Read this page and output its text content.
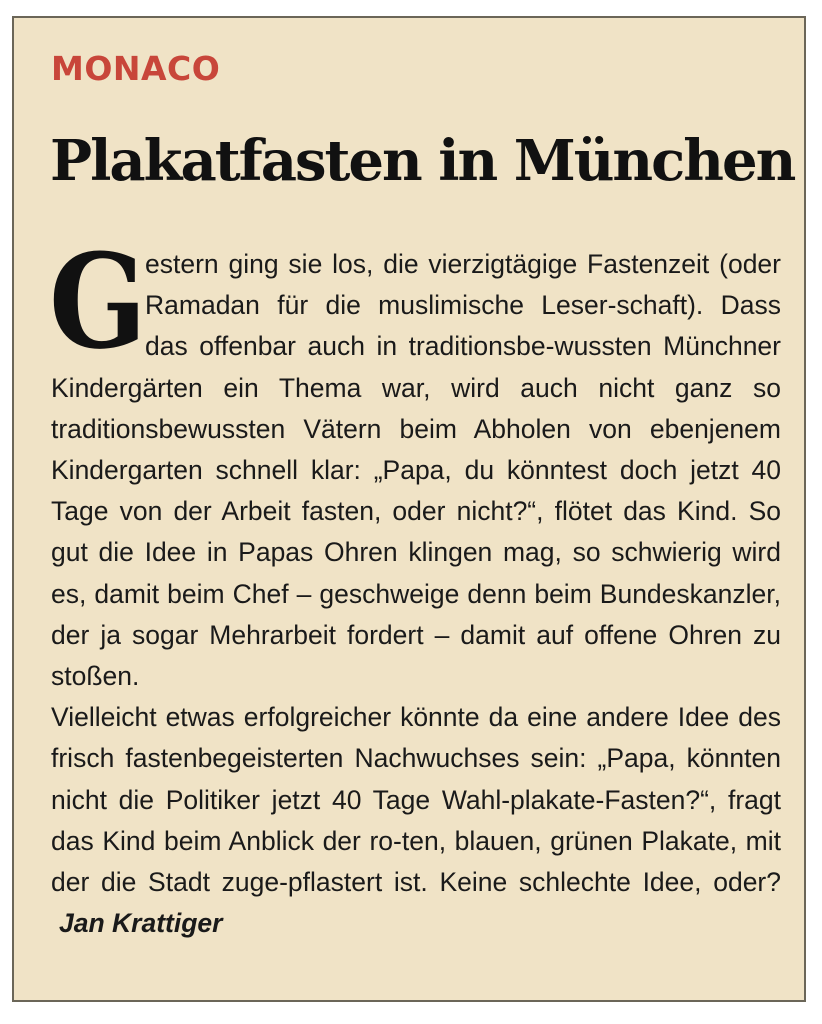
MONACO
Plakatfasten in München

G
estern ging sie los, die vierzigtägige Fastenzeit (oder Ramadan für die muslimische Leser-schaft). Dass das offenbar auch in traditionsbe-wussten Münchner Kindergärten ein Thema war, wird auch nicht ganz so traditionsbewussten Vätern beim Abholen von ebenjenem Kindergarten schnell klar: „Papa, du könntest doch jetzt 40 Tage von der Arbeit fasten, oder nicht?“, flötet das Kind. So gut die Idee in Papas Ohren klingen mag, so schwierig wird es, damit beim Chef – geschweige denn beim Bundeskanzler, der ja sogar Mehrarbeit fordert – damit auf offene Ohren zu stoßen.

Vielleicht etwas erfolgreicher könnte da eine andere Idee des frisch fastenbegeisterten Nachwuchses sein: „Papa, könnten nicht die Politiker jetzt 40 Tage Wahl-plakate-Fasten?“, fragt das Kind beim Anblick der ro-ten, blauen, grünen Plakate, mit der die Stadt zuge-pflastert ist. Keine schlechte Idee, oder?Jan Krattiger
